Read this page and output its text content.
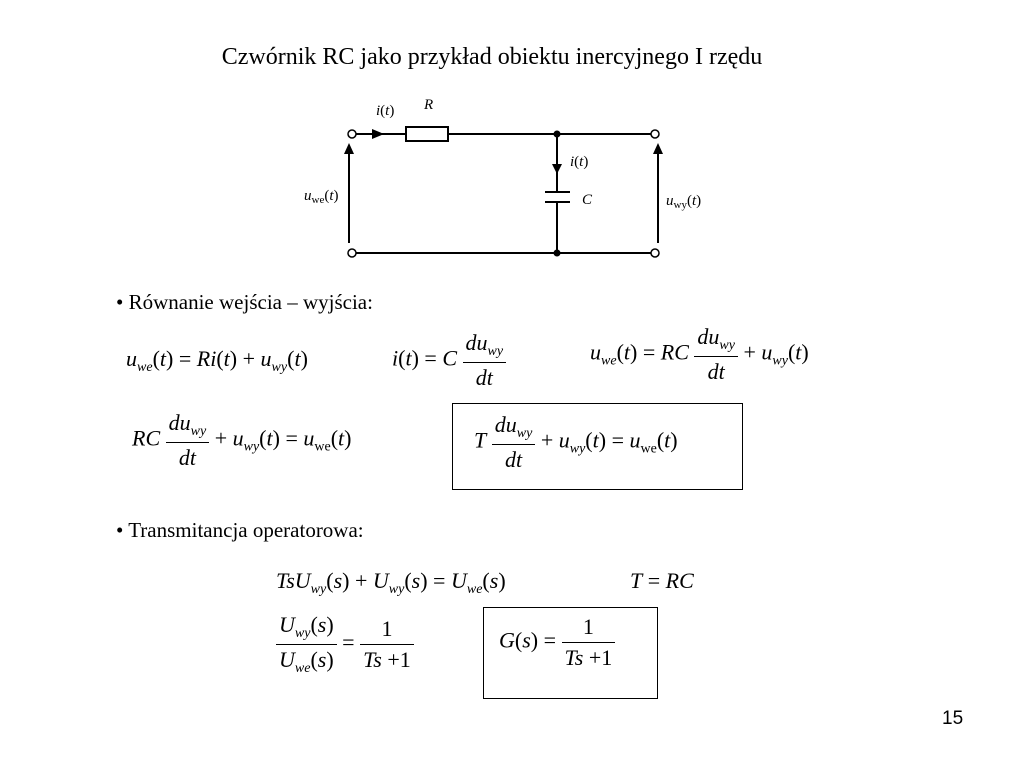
Czwórnik RC jako przykład obiektu inercyjnego I rzędu
i(t) R
i(t)
C
$u_{we}(t)$	$u_{wy}(t)$
• Równanie wejścia – wyjścia:
$u_{we}(t) = Ri(t) + u_{wy}(t)$	i(t) = C $\frac{du_{wy}}{dt}$	$u_{we}(t)$ = RC $\frac{du_{wy}}{dt} + u_{wy}(t)$
RC $\frac{du_{wy}}{dt} + u_{wy}(t) = u_{we}(t)$	T $\frac{du_{wy}}{dt} + u_{wy}(t) = u_{we}(t)$
• Transmitancja operatorowa:
$TsU_{wy}(s) + U_{wy}(s) = U_{we}(s)$	T = RC
$\frac{U_{wy}(s)}{U_{we}(s)} = \frac{1}{Ts +1}$	$G(s) = \frac{1}{Ts +1}$
15
